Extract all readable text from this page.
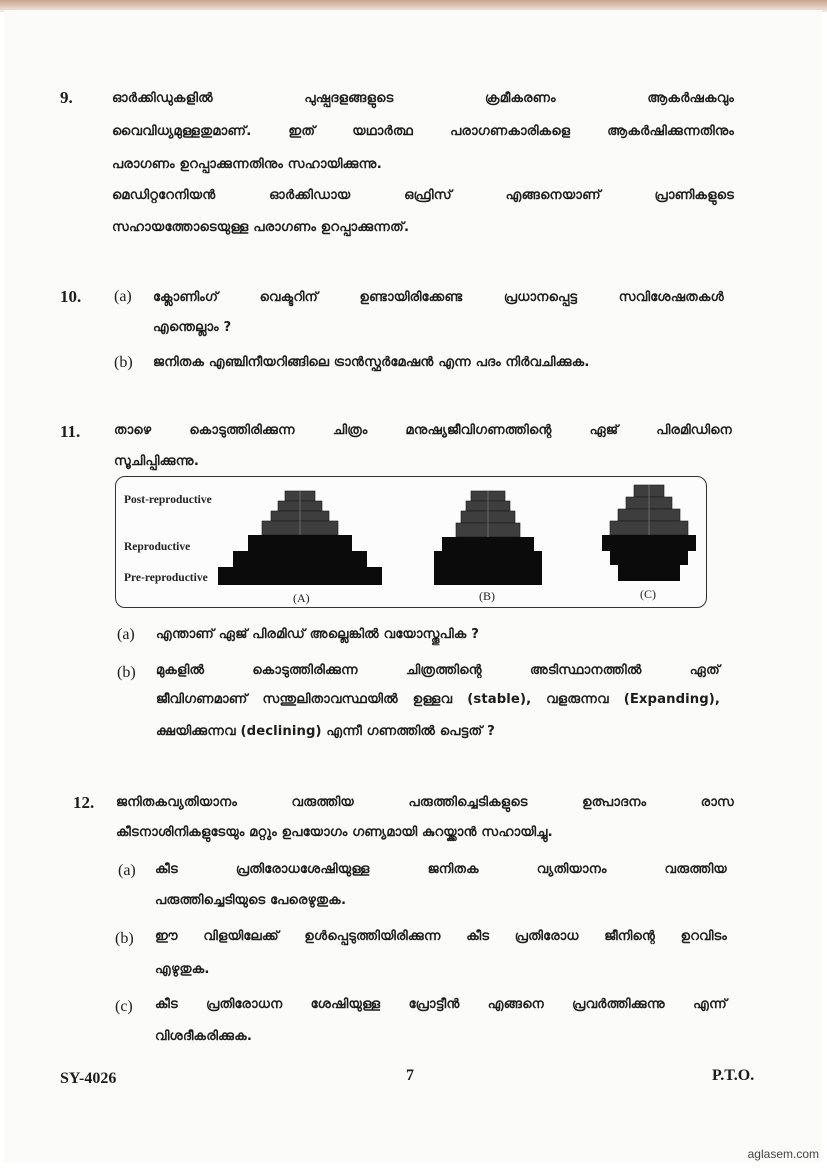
9.	ഓർക്കിഡുകളിൽ പുഷ്പദളങ്ങളുടെ ക്രമീകരണം ആകർഷകവും
വൈവിധ്യമുള്ളതുമാണ്. ഇത് യഥാർത്ഥ പരാഗണകാരികളെ ആകർഷിക്കുന്നതിനും
പരാഗണം ഉറപ്പാക്കുന്നതിനും സഹായിക്കുന്നു.
മെഡിറ്ററേനിയൻ ഓർക്കിഡായ ഒഫ്രിസ് എങ്ങനെയാണ് പ്രാണികളുടെ
സഹായത്തോടെയുള്ള പരാഗണം ഉറപ്പാക്കുന്നത്.
10. (a) ക്ലോണിംഗ് വെക്ടറിന് ഉണ്ടായിരിക്കേണ്ട പ്രധാനപ്പെട്ട സവിശേഷതകൾ
എന്തെല്ലാം ?
(b) ജനിതക എഞ്ചിനീയറിങ്ങിലെ ട്രാൻസ്ഫർമേഷൻ എന്ന പദം നിർവചിക്കുക.
11.	താഴെ കൊടുത്തിരിക്കുന്ന ചിത്രം മനുഷ്യജീവിഗണത്തിന്റെ ഏജ് പിരമിഡിനെ
സൂചിപ്പിക്കുന്നു.
Post-reproductive
Reproductive
Pre-reproductive
(A)	(B)	(C)
(a) എന്താണ് ഏജ് പിരമിഡ് അല്ലെങ്കിൽ വയോസ്തൂപിക ?
(b) മുകളിൽ കൊടുത്തിരിക്കുന്ന ചിത്രത്തിന്റെ അടിസ്ഥാനത്തിൽ ഏത്
ജീവിഗണമാണ് സന്തുലിതാവസ്ഥയിൽ ഉള്ളവ (stable), വളരുന്നവ (Expanding),
ക്ഷയിക്കുന്നവ (declining) എന്നീ ഗണത്തിൽ പെട്ടത് ?
12. ജനിതകവ്യതിയാനം വരുത്തിയ പരുത്തിച്ചെടികളുടെ ഉത്പാദനം രാസ
കീടനാശിനികളുടേയും മറ്റും ഉപയോഗം ഗണ്യമായി കുറയ്ക്കാൻ സഹായിച്ചു.
(a) കീട പ്രതിരോധശേഷിയുള്ള ജനിതക വ്യതിയാനം വരുത്തിയ
പരുത്തിച്ചെടിയുടെ പേരെഴുതുക.
(b) ഈ വിളയിലേക്ക് ഉൾപ്പെടുത്തിയിരിക്കുന്ന കീട പ്രതിരോധ ജീനിന്റെ ഉറവിടം
എഴുതുക.
(c) കീട പ്രതിരോധന ശേഷിയുള്ള പ്രോട്ടീൻ എങ്ങനെ പ്രവർത്തിക്കുന്നു എന്ന്
വിശദീകരിക്കുക.
SY-4026	7	P.T.O.
aglasem.com
